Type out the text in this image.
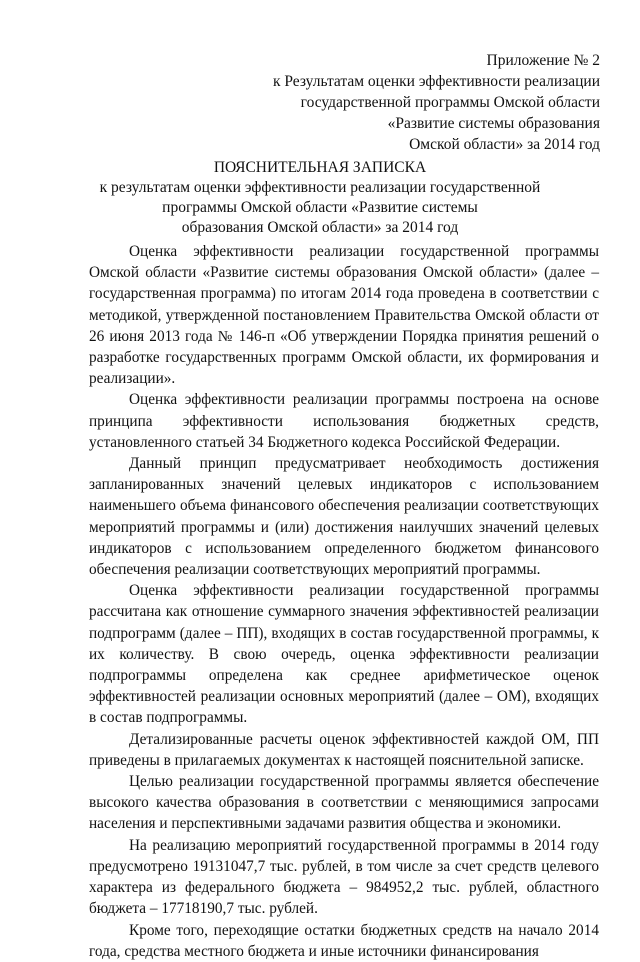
Приложение № 2
к Результатам оценки эффективности реализации
государственной программы Омской области
«Развитие системы образования
Омской области» за 2014 год
ПОЯСНИТЕЛЬНАЯ ЗАПИСКА
к результатам оценки эффективности реализации государственной
программы Омской области «Развитие системы
образования Омской области» за 2014 год

Оценка эффективности реализации государственной программы Омской области «Развитие системы образования Омской области» (далее – государственная программа) по итогам 2014 года проведена в соответствии с методикой, утвержденной постановлением Правительства Омской области от 26 июня 2013 года № 146-п «Об утверждении Порядка принятия решений о разработке государственных программ Омской области, их формирования и реализации».

Оценка эффективности реализации программы построена на основе принципа эффективности использования бюджетных средств, установленного статьей 34 Бюджетного кодекса Российской Федерации.

Данный принцип предусматривает необходимость достижения запланированных значений целевых индикаторов с использованием наименьшего объема финансового обеспечения реализации соответствующих мероприятий программы и (или) достижения наилучших значений целевых индикаторов с использованием определенного бюджетом финансового обеспечения реализации соответствующих мероприятий программы.

Оценка эффективности реализации государственной программы рассчитана как отношение суммарного значения эффективностей реализации подпрограмм (далее – ПП), входящих в состав государственной программы, к их количеству. В свою очередь, оценка эффективности реализации подпрограммы определена как среднее арифметическое оценок эффективностей реализации основных мероприятий (далее – ОМ), входящих в состав подпрограммы.

Детализированные расчеты оценок эффективностей каждой ОМ, ПП приведены в прилагаемых документах к настоящей пояснительной записке.

Целью реализации государственной программы является обеспечение высокого качества образования в соответствии с меняющимися запросами населения и перспективными задачами развития общества и экономики.

На реализацию мероприятий государственной программы в 2014 году предусмотрено 19131047,7 тыс. рублей, в том числе за счет средств целевого характера из федерального бюджета – 984952,2 тыс. рублей, областного бюджета – 17718190,7 тыс. рублей.

Кроме того, переходящие остатки бюджетных средств на начало 2014 года, средства местного бюджета и иные источники финансирования
